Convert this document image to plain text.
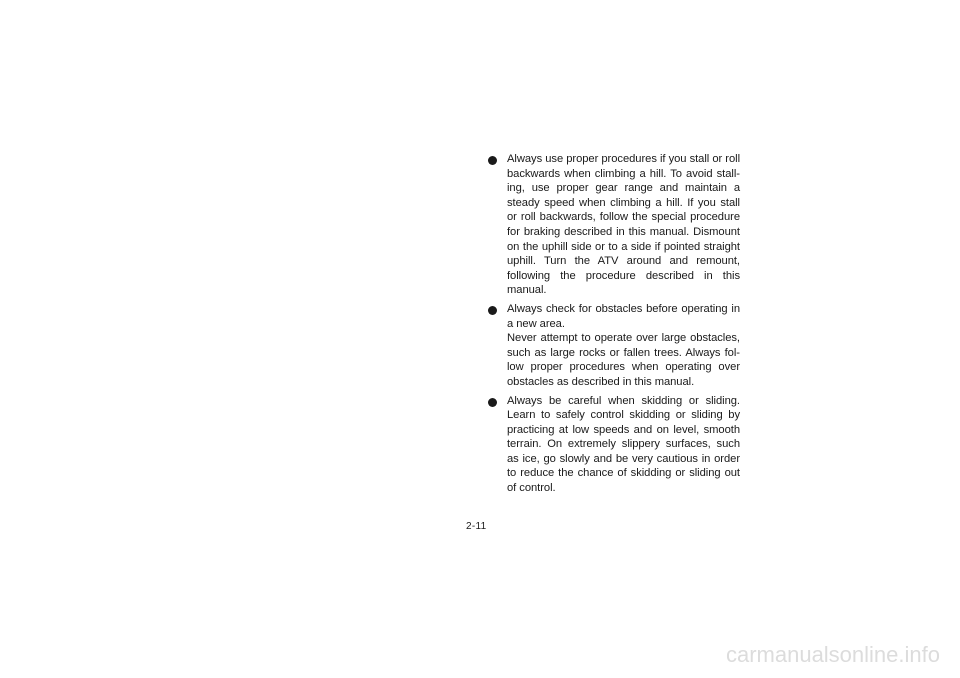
Always use proper procedures if you stall or roll backwards when climbing a hill. To avoid stalling, use proper gear range and maintain a steady speed when climbing a hill. If you stall or roll backwards, follow the special procedure for braking described in this manual. Dismount on the uphill side or to a side if pointed straight uphill. Turn the ATV around and remount, following the procedure described in this manual.
Always check for obstacles before operating in a new area.
Never attempt to operate over large obstacles, such as large rocks or fallen trees. Always follow proper procedures when operating over obstacles as described in this manual.
Always be careful when skidding or sliding. Learn to safely control skidding or sliding by practicing at low speeds and on level, smooth terrain. On extremely slippery surfaces, such as ice, go slowly and be very cautious in order to reduce the chance of skidding or sliding out of control.
2-11
carmanualsonline.info
